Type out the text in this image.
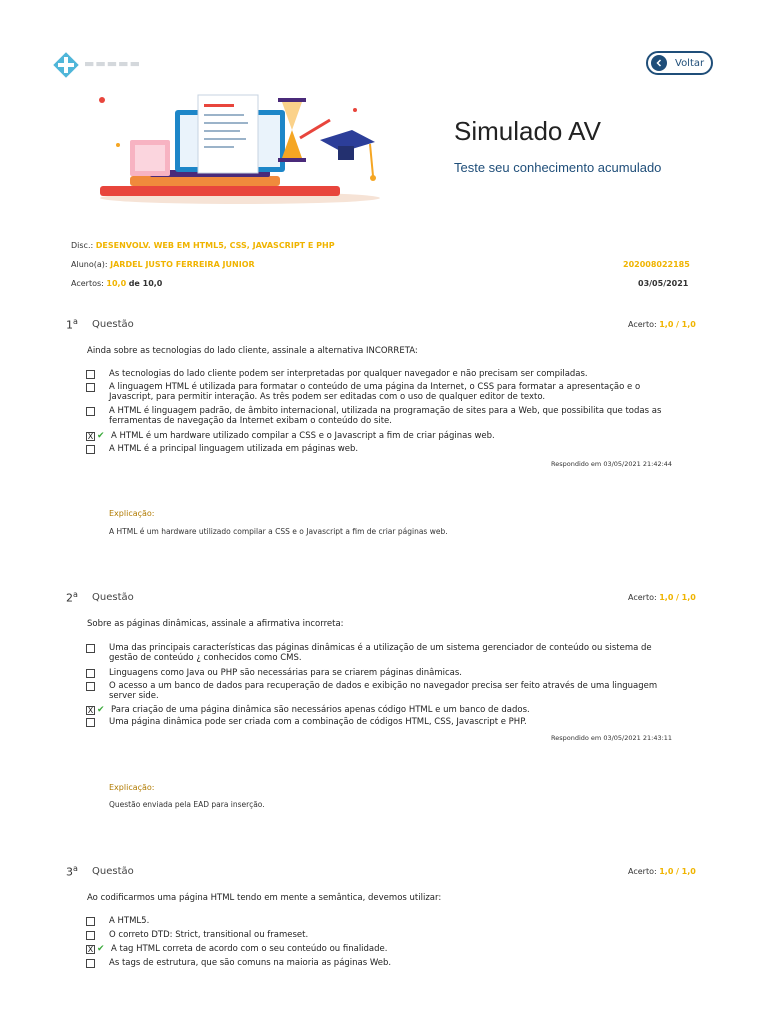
▬▬▬▬▬	Voltar
Simulado AV
Teste seu conhecimento acumulado
Disc.: DESENVOLV. WEB EM HTML5, CSS, JAVASCRIPT E PHP
Aluno(a): JARDEL JUSTO FERREIRA JUNIOR	202008022185
Acertos: 10,0 de 10,0	03/05/2021
1$^a$ Questão	Acerto: 1,0 / 1,0
Ainda sobre as tecnologias do lado cliente, assinale a alternativa INCORRETA:
As tecnologias do lado cliente podem ser interpretadas por qualquer navegador e não precisam ser compiladas.
A linguagem HTML é utilizada para formatar o conteúdo de uma página da Internet, o CSS para formatar a apresentação e o Javascript, para permitir interação. As três podem ser editadas com o uso de qualquer editor de texto.
A HTML é linguagem padrão, de âmbito internacional, utilizada na programação de sites para a Web, que possibilita que todas as ferramentas de navegação da Internet exibam o conteúdo do site.
X ✔ A HTML é um hardware utilizado compilar a CSS e o Javascript a fim de criar páginas web.
A HTML é a principal linguagem utilizada em páginas web.
Respondido em 03/05/2021 21:42:44
Explicação:
A HTML é um hardware utilizado compilar a CSS e o Javascript a fim de criar páginas web.
2$^a$ Questão	Acerto: 1,0 / 1,0
Sobre as páginas dinâmicas, assinale a afirmativa incorreta:
Uma das principais características das páginas dinâmicas é a utilização de um sistema gerenciador de conteúdo ou sistema de gestão de conteúdo ¿ conhecidos como CMS.
Linguagens como Java ou PHP são necessárias para se criarem páginas dinâmicas.
O acesso a um banco de dados para recuperação de dados e exibição no navegador precisa ser feito através de uma linguagem server side.
X ✔ Para criação de uma página dinâmica são necessários apenas código HTML e um banco de dados.
Uma página dinâmica pode ser criada com a combinação de códigos HTML, CSS, Javascript e PHP.
Respondido em 03/05/2021 21:43:11
Explicação:
Questão enviada pela EAD para inserção.
3$^a$ Questão	Acerto: 1,0 / 1,0
Ao codificarmos uma página HTML tendo em mente a semântica, devemos utilizar:
A HTML5.
O correto DTD: Strict, transitional ou frameset.
X ✔ A tag HTML correta de acordo com o seu conteúdo ou finalidade.
As tags de estrutura, que são comuns na maioria as páginas Web.
